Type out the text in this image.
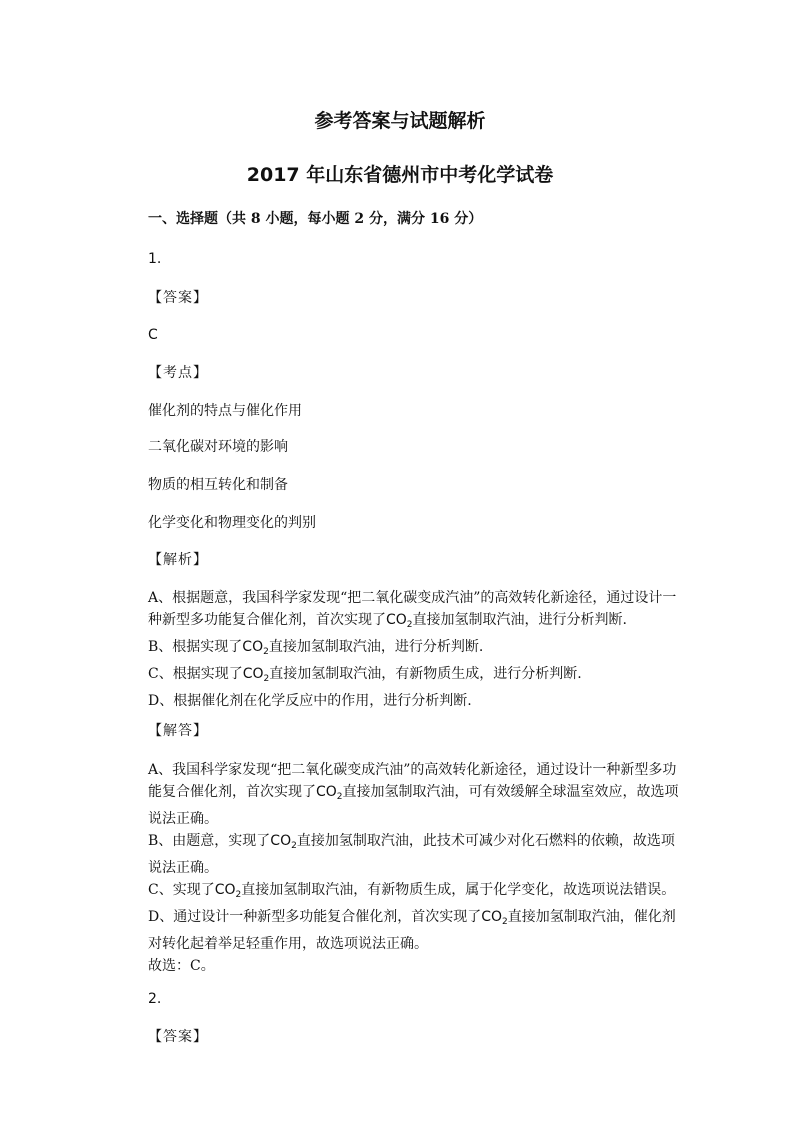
参考答案与试题解析
2017 年山东省德州市中考化学试卷
一、选择题（共 8 小题，每小题 2 分，满分 16 分）
1.
【答案】
C
【考点】
催化剂的特点与催化作用
二氧化碳对环境的影响
物质的相互转化和制备
化学变化和物理变化的判别
【解析】
A、根据题意，我国科学家发现“把二氧化碳变成汽油”的高效转化新途径，通过设计一
种新型多功能复合催化剂，首次实现了$CO_2$直接加氢制取汽油，进行分析判断.
B、根据实现了$CO_2$直接加氢制取汽油，进行分析判断.
C、根据实现了$CO_2$直接加氢制取汽油，有新物质生成，进行分析判断.
D、根据催化剂在化学反应中的作用，进行分析判断.
【解答】
A、我国科学家发现“把二氧化碳变成汽油”的高效转化新途径，通过设计一种新型多功
能复合催化剂，首次实现了$CO_2$直接加氢制取汽油，可有效缓解全球温室效应，故选项
说法正确。
B、由题意，实现了$CO_2$直接加氢制取汽油，此技术可减少对化石燃料的依赖，故选项
说法正确。
C、实现了$CO_2$直接加氢制取汽油，有新物质生成，属于化学变化，故选项说法错误。
D、通过设计一种新型多功能复合催化剂，首次实现了$CO_2$直接加氢制取汽油，催化剂
对转化起着举足轻重作用，故选项说法正确。
故选：C。
2.
【答案】
